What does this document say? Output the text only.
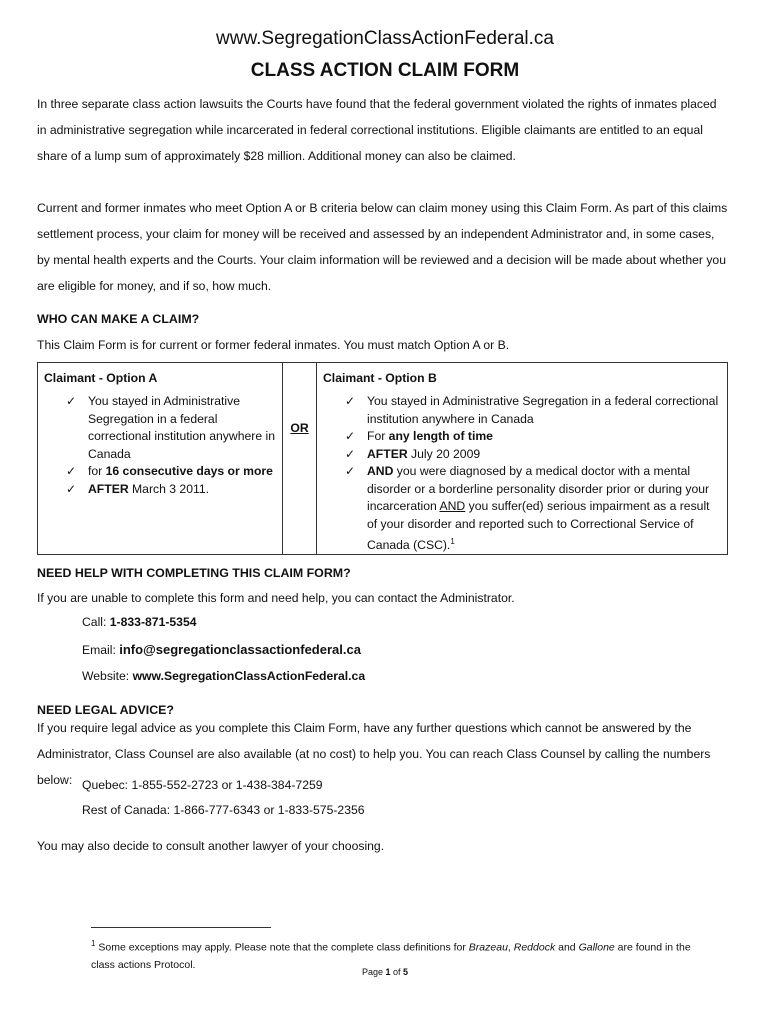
www.SegregationClassActionFederal.ca
CLASS ACTION CLAIM FORM

In three separate class action lawsuits the Courts have found that the federal government violated the rights of inmates placed in administrative segregation while incarcerated in federal correctional institutions. Eligible claimants are entitled to an equal share of a lump sum of approximately $28 million. Additional money can also be claimed.

Current and former inmates who meet Option A or B criteria below can claim money using this Claim Form. As part of this claims settlement process, your claim for money will be received and assessed by an independent Administrator and, in some cases, by mental health experts and the Courts. Your claim information will be reviewed and a decision will be made about whether you are eligible for money, and if so, how much.

WHO CAN MAKE A CLAIM?

This Claim Form is for current or former federal inmates. You must match Option A or B.

Claimant - Option A
✓ You stayed in Administrative Segregation in a federal correctional institution anywhere in Canada
✓ for 16 consecutive days or more
✓ AFTER March 3 2011.
OR
Claimant - Option B
✓ You stayed in Administrative Segregation in a federal correctional institution anywhere in Canada
✓ For any length of time
✓ AFTER July 20 2009
✓ AND you were diagnosed by a medical doctor with a mental disorder or a borderline personality disorder prior or during your incarceration AND you suffer(ed) serious impairment as a result of your disorder and reported such to Correctional Service of Canada (CSC).$^1$

NEED HELP WITH COMPLETING THIS CLAIM FORM?

If you are unable to complete this form and need help, you can contact the Administrator.

Call: 1-833-871-5354

Email: info@segregationclassactionfederal.ca

Website: www.SegregationClassActionFederal.ca

NEED LEGAL ADVICE?

If you require legal advice as you complete this Claim Form, have any further questions which cannot be answered by the Administrator, Class Counsel are also available (at no cost) to help you. You can reach Class Counsel by calling the numbers below: Quebec: 1-855-552-2723 or 1-438-384-7259

Rest of Canada: 1-866-777-6343 or 1-833-575-2356

You may also decide to consult another lawyer of your choosing.

$^1$ Some exceptions may apply. Please note that the complete class definitions for Brazeau, Reddock and Gallone are found in the class actions Protocol.
Page 1 of 5
